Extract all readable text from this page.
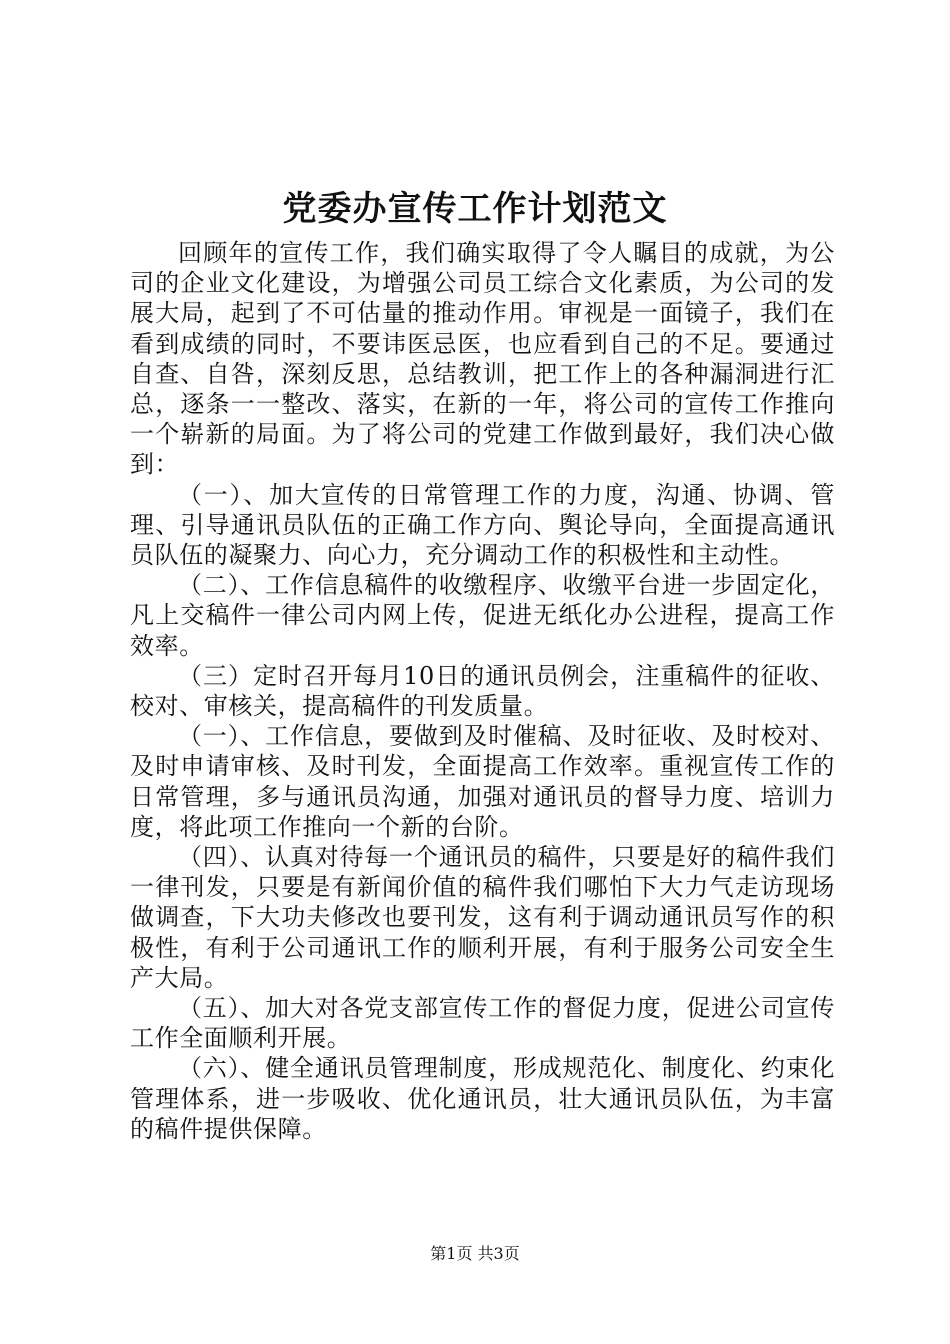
党委办宣传工作计划范文

回顾年的宣传工作，我们确实取得了令人瞩目的成就，为公司的企业文化建设，为增强公司员工综合文化素质，为公司的发展大局，起到了不可估量的推动作用。审视是一面镜子，我们在看到成绩的同时，不要讳医忌医，也应看到自己的不足。要通过自查、自咎，深刻反思，总结教训，把工作上的各种漏洞进行汇总，逐条一一整改、落实，在新的一年，将公司的宣传工作推向一个崭新的局面。为了将公司的党建工作做到最好，我们决心做到：

（一）、加大宣传的日常管理工作的力度，沟通、协调、管理、引导通讯员队伍的正确工作方向、舆论导向，全面提高通讯员队伍的凝聚力、向心力，充分调动工作的积极性和主动性。

（二）、工作信息稿件的收缴程序、收缴平台进一步固定化，凡上交稿件一律公司内网上传，促进无纸化办公进程，提高工作效率。

（三）定时召开每月10日的通讯员例会，注重稿件的征收、校对、审核关，提高稿件的刊发质量。

（一）、工作信息，要做到及时催稿、及时征收、及时校对、及时申请审核、及时刊发，全面提高工作效率。重视宣传工作的日常管理，多与通讯员沟通，加强对通讯员的督导力度、培训力度，将此项工作推向一个新的台阶。

（四）、认真对待每一个通讯员的稿件，只要是好的稿件我们一律刊发，只要是有新闻价值的稿件我们哪怕下大力气走访现场做调查，下大功夫修改也要刊发，这有利于调动通讯员写作的积极性，有利于公司通讯工作的顺利开展，有利于服务公司安全生产大局。

（五）、加大对各党支部宣传工作的督促力度，促进公司宣传工作全面顺利开展。

（六）、健全通讯员管理制度，形成规范化、制度化、约束化管理体系，进一步吸收、优化通讯员，壮大通讯员队伍，为丰富的稿件提供保障。

第1页 共3页
